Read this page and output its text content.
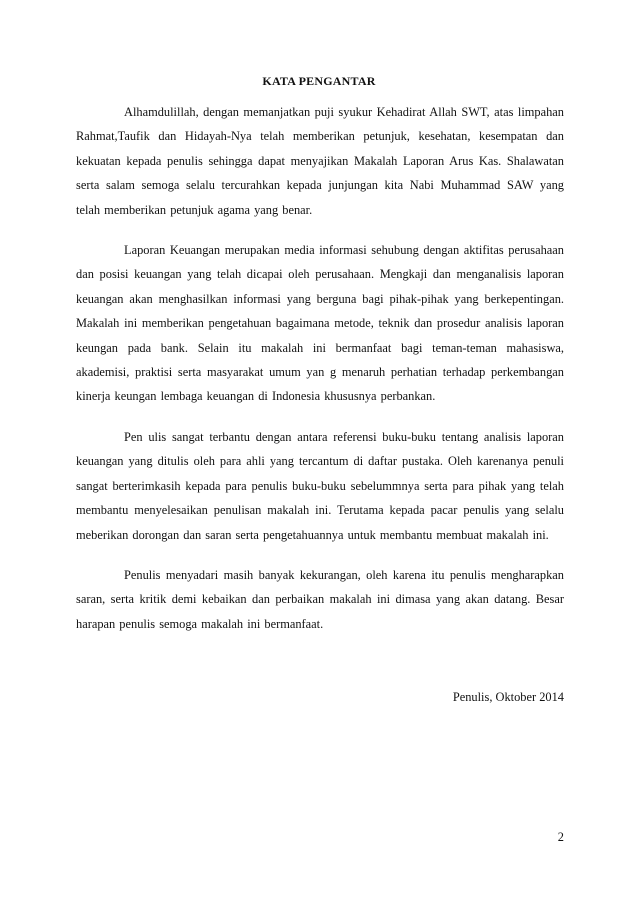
KATA PENGANTAR

Alhamdulillah, dengan memanjatkan puji syukur Kehadirat Allah SWT, atas limpahan Rahmat,Taufik dan Hidayah-Nya telah memberikan petunjuk, kesehatan, kesempatan dan kekuatan kepada penulis sehingga dapat menyajikan Makalah Laporan Arus Kas. Shalawatan serta salam semoga selalu tercurahkan kepada junjungan kita Nabi Muhammad SAW yang telah memberikan petunjuk agama yang benar.

Laporan Keuangan merupakan media informasi sehubung dengan aktifitas perusahaan dan posisi keuangan yang telah dicapai oleh perusahaan. Mengkaji dan menganalisis laporan keuangan akan menghasilkan informasi yang berguna bagi pihak-pihak yang berkepentingan. Makalah ini memberikan pengetahuan bagaimana metode, teknik dan prosedur analisis laporan keungan pada bank. Selain itu makalah ini bermanfaat bagi teman-teman mahasiswa, akademisi, praktisi serta masyarakat umum yan g menaruh perhatian terhadap perkembangan kinerja keungan lembaga keuangan di Indonesia khususnya perbankan.

Pen ulis sangat terbantu dengan antara referensi buku-buku tentang analisis laporan keuangan yang ditulis oleh para ahli yang tercantum di daftar pustaka. Oleh karenanya penuli sangat berterimkasih kepada para penulis buku-buku sebelummnya serta para pihak yang telah membantu menyelesaikan penulisan makalah ini. Terutama kepada pacar penulis yang selalu meberikan dorongan dan saran serta pengetahuannya untuk membantu membuat makalah ini.

Penulis menyadari masih banyak kekurangan, oleh karena itu penulis mengharapkan saran, serta kritik demi kebaikan dan perbaikan makalah ini dimasa yang akan datang. Besar harapan penulis semoga makalah ini bermanfaat.

Penulis, Oktober 2014
2
